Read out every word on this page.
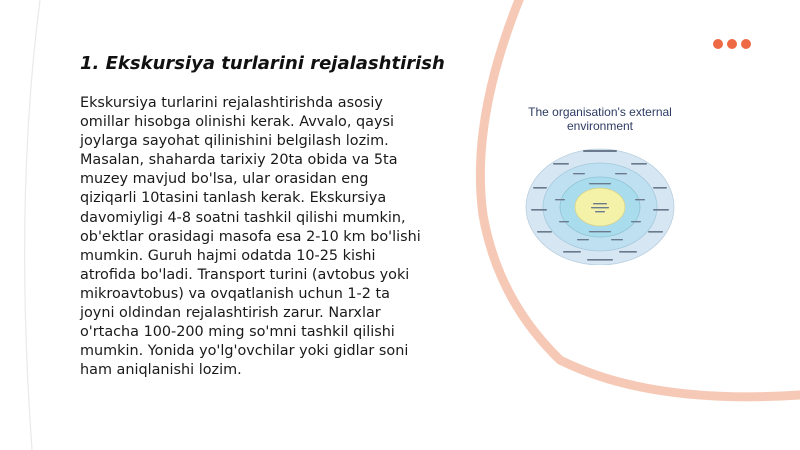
1. Ekskursiya turlarini rejalashtirish

Ekskursiya turlarini rejalashtirishda asosiy omillar hisobga olinishi kerak. Avvalo, qaysi joylarga sayohat qilinishini belgilash lozim. Masalan, shaharda tarixiy 20ta obida va 5ta muzey mavjud bo'lsa, ular orasidan eng qiziqarli 10tasini tanlash kerak. Ekskursiya davomiyligi 4-8 soatni tashkil qilishi mumkin, ob'ektlar orasidagi masofa esa 2-10 km bo'lishi mumkin. Guruh hajmi odatda 10-25 kishi atrofida bo'ladi. Transport turini (avtobus yoki mikroavtobus) va ovqatlanish uchun 1-2 ta joyni oldindan rejalashtirish zarur. Narxlar o'rtacha 100-200 ming so'mni tashkil qilishi mumkin. Yonida yo'lg'ovchilar yoki gidlar soni ham aniqlanishi lozim.

The organisation's external
environment
